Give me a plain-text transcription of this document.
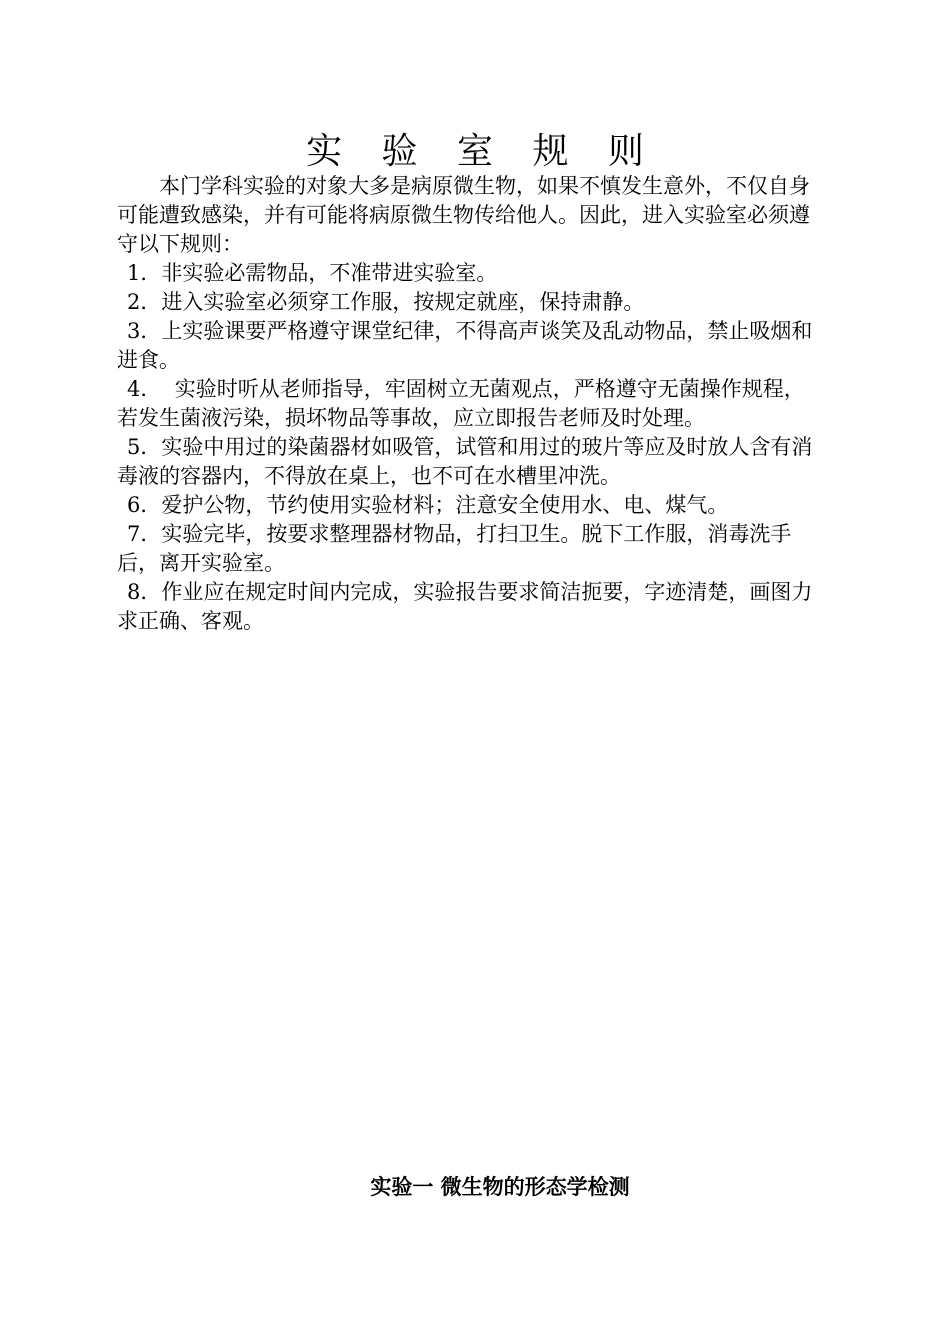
实 验 室 规 则

本门学科实验的对象大多是病原微生物，如果不慎发生意外，不仅自身可能遭致感染，并有可能将病原微生物传给他人。因此，进入实验室必须遵守以下规则：

1．非实验必需物品，不准带进实验室。

2．进入实验室必须穿工作服，按规定就座，保持肃静。

3．上实验课要严格遵守课堂纪律，不得高声谈笑及乱动物品，禁止吸烟和进食。

4．  实验时听从老师指导，牢固树立无菌观点，严格遵守无菌操作规程，若发生菌液污染，损坏物品等事故，应立即报告老师及时处理。

5．实验中用过的染菌器材如吸管，试管和用过的玻片等应及时放人含有消毒液的容器内，不得放在桌上，也不可在水槽里冲洗。

6．爱护公物，节约使用实验材料；注意安全使用水、电、煤气。

7．实验完毕，按要求整理器材物品，打扫卫生。脱下工作服，消毒洗手后，离开实验室。

8．作业应在规定时间内完成，实验报告要求简洁扼要，字迹清楚，画图力求正确、客观。

实验一 微生物的形态学检测
